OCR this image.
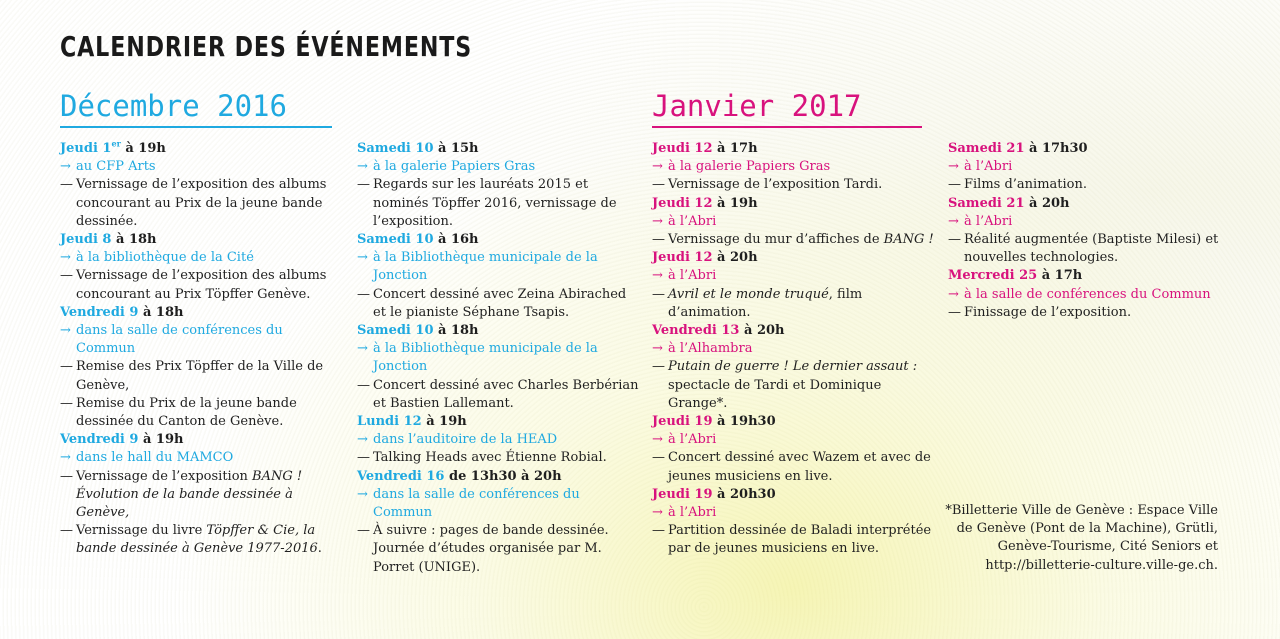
CALENDRIER DES ÉVÉNEMENTS
Décembre 2016	Janvier 2017
Jeudi 1er à 19h
→ au CFP Arts
— Vernissage de l’exposition des albums concourant au Prix de la jeune bande dessinée.
Jeudi 8 à 18h
→ à la bibliothèque de la Cité
— Vernissage de l’exposition des albums concourant au Prix Töpffer Genève.
Vendredi 9 à 18h
→ dans la salle de conférences du Commun
— Remise des Prix Töpffer de la Ville de Genève,
— Remise du Prix de la jeune bande dessinée du Canton de Genève.
Vendredi 9 à 19h
→ dans le hall du MAMCO
— Vernissage de l’exposition BANG ! Évolution de la bande dessinée à Genève,
— Vernissage du livre Töpffer & Cie, la bande dessinée à Genève 1977-2016.
Samedi 10 à 15h
→ à la galerie Papiers Gras
— Regards sur les lauréats 2015 et nominés Töpffer 2016, vernissage de l’exposition.
Samedi 10 à 16h
→ à la Bibliothèque municipale de la Jonction
— Concert dessiné avec Zeina Abirached et le pianiste Séphane Tsapis.
Samedi 10 à 18h
→ à la Bibliothèque municipale de la Jonction
— Concert dessiné avec Charles Berbérian et Bastien Lallemant.
Lundi 12 à 19h
→ dans l’auditoire de la HEAD
— Talking Heads avec Étienne Robial.
Vendredi 16 de 13h30 à 20h
→ dans la salle de conférences du Commun
— À suivre : pages de bande dessinée. Journée d’études organisée par M. Porret (UNIGE).
Jeudi 12 à 17h
→ à la galerie Papiers Gras
— Vernissage de l’exposition Tardi.
Jeudi 12 à 19h
→ à l’Abri
— Vernissage du mur d’affiches de BANG !
Jeudi 12 à 20h
→ à l’Abri
— Avril et le monde truqué, film d’animation.
Vendredi 13 à 20h
→ à l’Alhambra
— Putain de guerre ! Le dernier assaut : spectacle de Tardi et Dominique Grange*.
Jeudi 19 à 19h30
→ à l’Abri
— Concert dessiné avec Wazem et avec de jeunes musiciens en live.
Jeudi 19 à 20h30
→ à l’Abri
— Partition dessinée de Baladi interprétée par de jeunes musiciens en live.
Samedi 21 à 17h30
→ à l’Abri
— Films d’animation.
Samedi 21 à 20h
→ à l’Abri
— Réalité augmentée (Baptiste Milesi) et nouvelles technologies.
Mercredi 25 à 17h
→ à la salle de conférences du Commun
— Finissage de l’exposition.
*Billetterie Ville de Genève : Espace Ville de Genève (Pont de la Machine), Grütli, Genève-Tourisme, Cité Seniors et http://billetterie-culture.ville-ge.ch.
